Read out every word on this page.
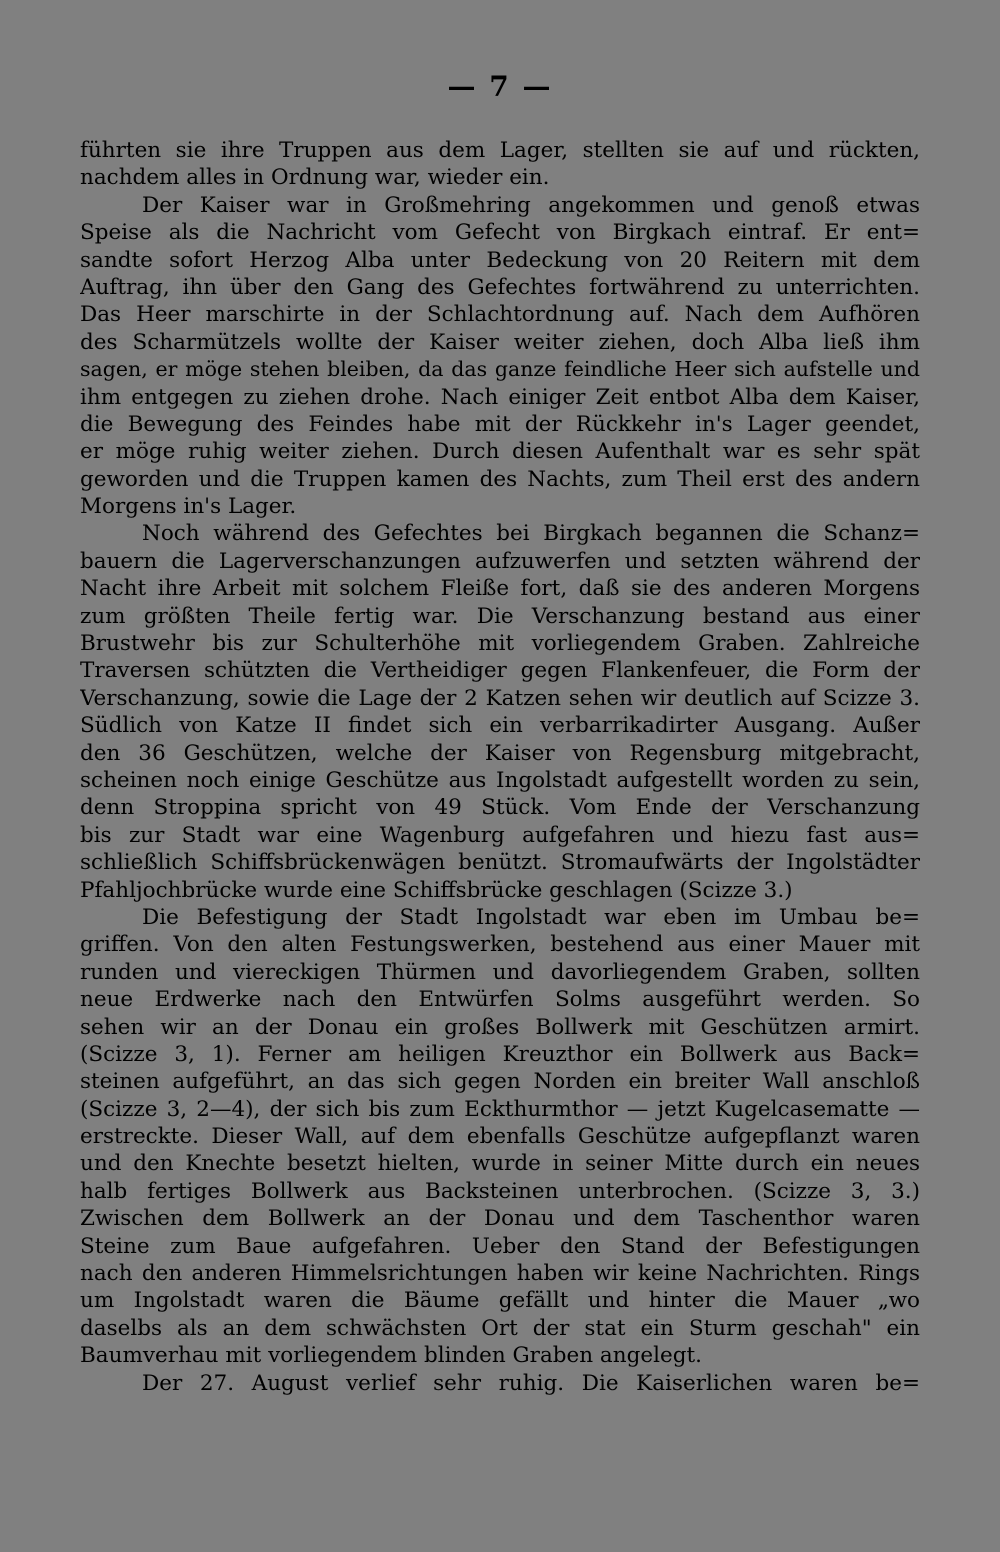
— 7 —
führten sie ihre Truppen aus dem Lager, stellten sie auf und rückten,
nachdem alles in Ordnung war, wieder ein.
Der Kaiser war in Großmehring angekommen und genoß etwas
Speise als die Nachricht vom Gefecht von Birgkach eintraf. Er ent=
sandte sofort Herzog Alba unter Bedeckung von 20 Reitern mit dem
Auftrag, ihn über den Gang des Gefechtes fortwährend zu unterrichten.
Das Heer marschirte in der Schlachtordnung auf. Nach dem Aufhören
des Scharmützels wollte der Kaiser weiter ziehen, doch Alba ließ ihm
sagen, er möge stehen bleiben, da das ganze feindliche Heer sich aufstelle und
ihm entgegen zu ziehen drohe. Nach einiger Zeit entbot Alba dem Kaiser,
die Bewegung des Feindes habe mit der Rückkehr in's Lager geendet,
er möge ruhig weiter ziehen. Durch diesen Aufenthalt war es sehr spät
geworden und die Truppen kamen des Nachts, zum Theil erst des andern
Morgens in's Lager.
Noch während des Gefechtes bei Birgkach begannen die Schanz=
bauern die Lagerverschanzungen aufzuwerfen und setzten während der
Nacht ihre Arbeit mit solchem Fleiße fort, daß sie des anderen Morgens
zum größten Theile fertig war. Die Verschanzung bestand aus einer
Brustwehr bis zur Schulterhöhe mit vorliegendem Graben. Zahlreiche
Traversen schützten die Vertheidiger gegen Flankenfeuer, die Form der
Verschanzung, sowie die Lage der 2 Katzen sehen wir deutlich auf Scizze 3.
Südlich von Katze II findet sich ein verbarrikadirter Ausgang. Außer
den 36 Geschützen, welche der Kaiser von Regensburg mitgebracht,
scheinen noch einige Geschütze aus Ingolstadt aufgestellt worden zu sein,
denn Stroppina spricht von 49 Stück. Vom Ende der Verschanzung
bis zur Stadt war eine Wagenburg aufgefahren und hiezu fast aus=
schließlich Schiffsbrückenwägen benützt. Stromaufwärts der Ingolstädter
Pfahljochbrücke wurde eine Schiffsbrücke geschlagen (Scizze 3.)
Die Befestigung der Stadt Ingolstadt war eben im Umbau be=
griffen. Von den alten Festungswerken, bestehend aus einer Mauer mit
runden und viereckigen Thürmen und davorliegendem Graben, sollten
neue Erdwerke nach den Entwürfen Solms ausgeführt werden. So
sehen wir an der Donau ein großes Bollwerk mit Geschützen armirt.
(Scizze 3, 1). Ferner am heiligen Kreuzthor ein Bollwerk aus Back=
steinen aufgeführt, an das sich gegen Norden ein breiter Wall anschloß
(Scizze 3, 2—4), der sich bis zum Eckthurmthor — jetzt Kugelcasematte —
erstreckte. Dieser Wall, auf dem ebenfalls Geschütze aufgepflanzt waren
und den Knechte besetzt hielten, wurde in seiner Mitte durch ein neues
halb fertiges Bollwerk aus Backsteinen unterbrochen. (Scizze 3, 3.)
Zwischen dem Bollwerk an der Donau und dem Taschenthor waren
Steine zum Baue aufgefahren. Ueber den Stand der Befestigungen
nach den anderen Himmelsrichtungen haben wir keine Nachrichten. Rings
um Ingolstadt waren die Bäume gefällt und hinter die Mauer „wo
daselbs als an dem schwächsten Ort der stat ein Sturm geschah" ein
Baumverhau mit vorliegendem blinden Graben angelegt.
Der 27. August verlief sehr ruhig. Die Kaiserlichen waren be=
